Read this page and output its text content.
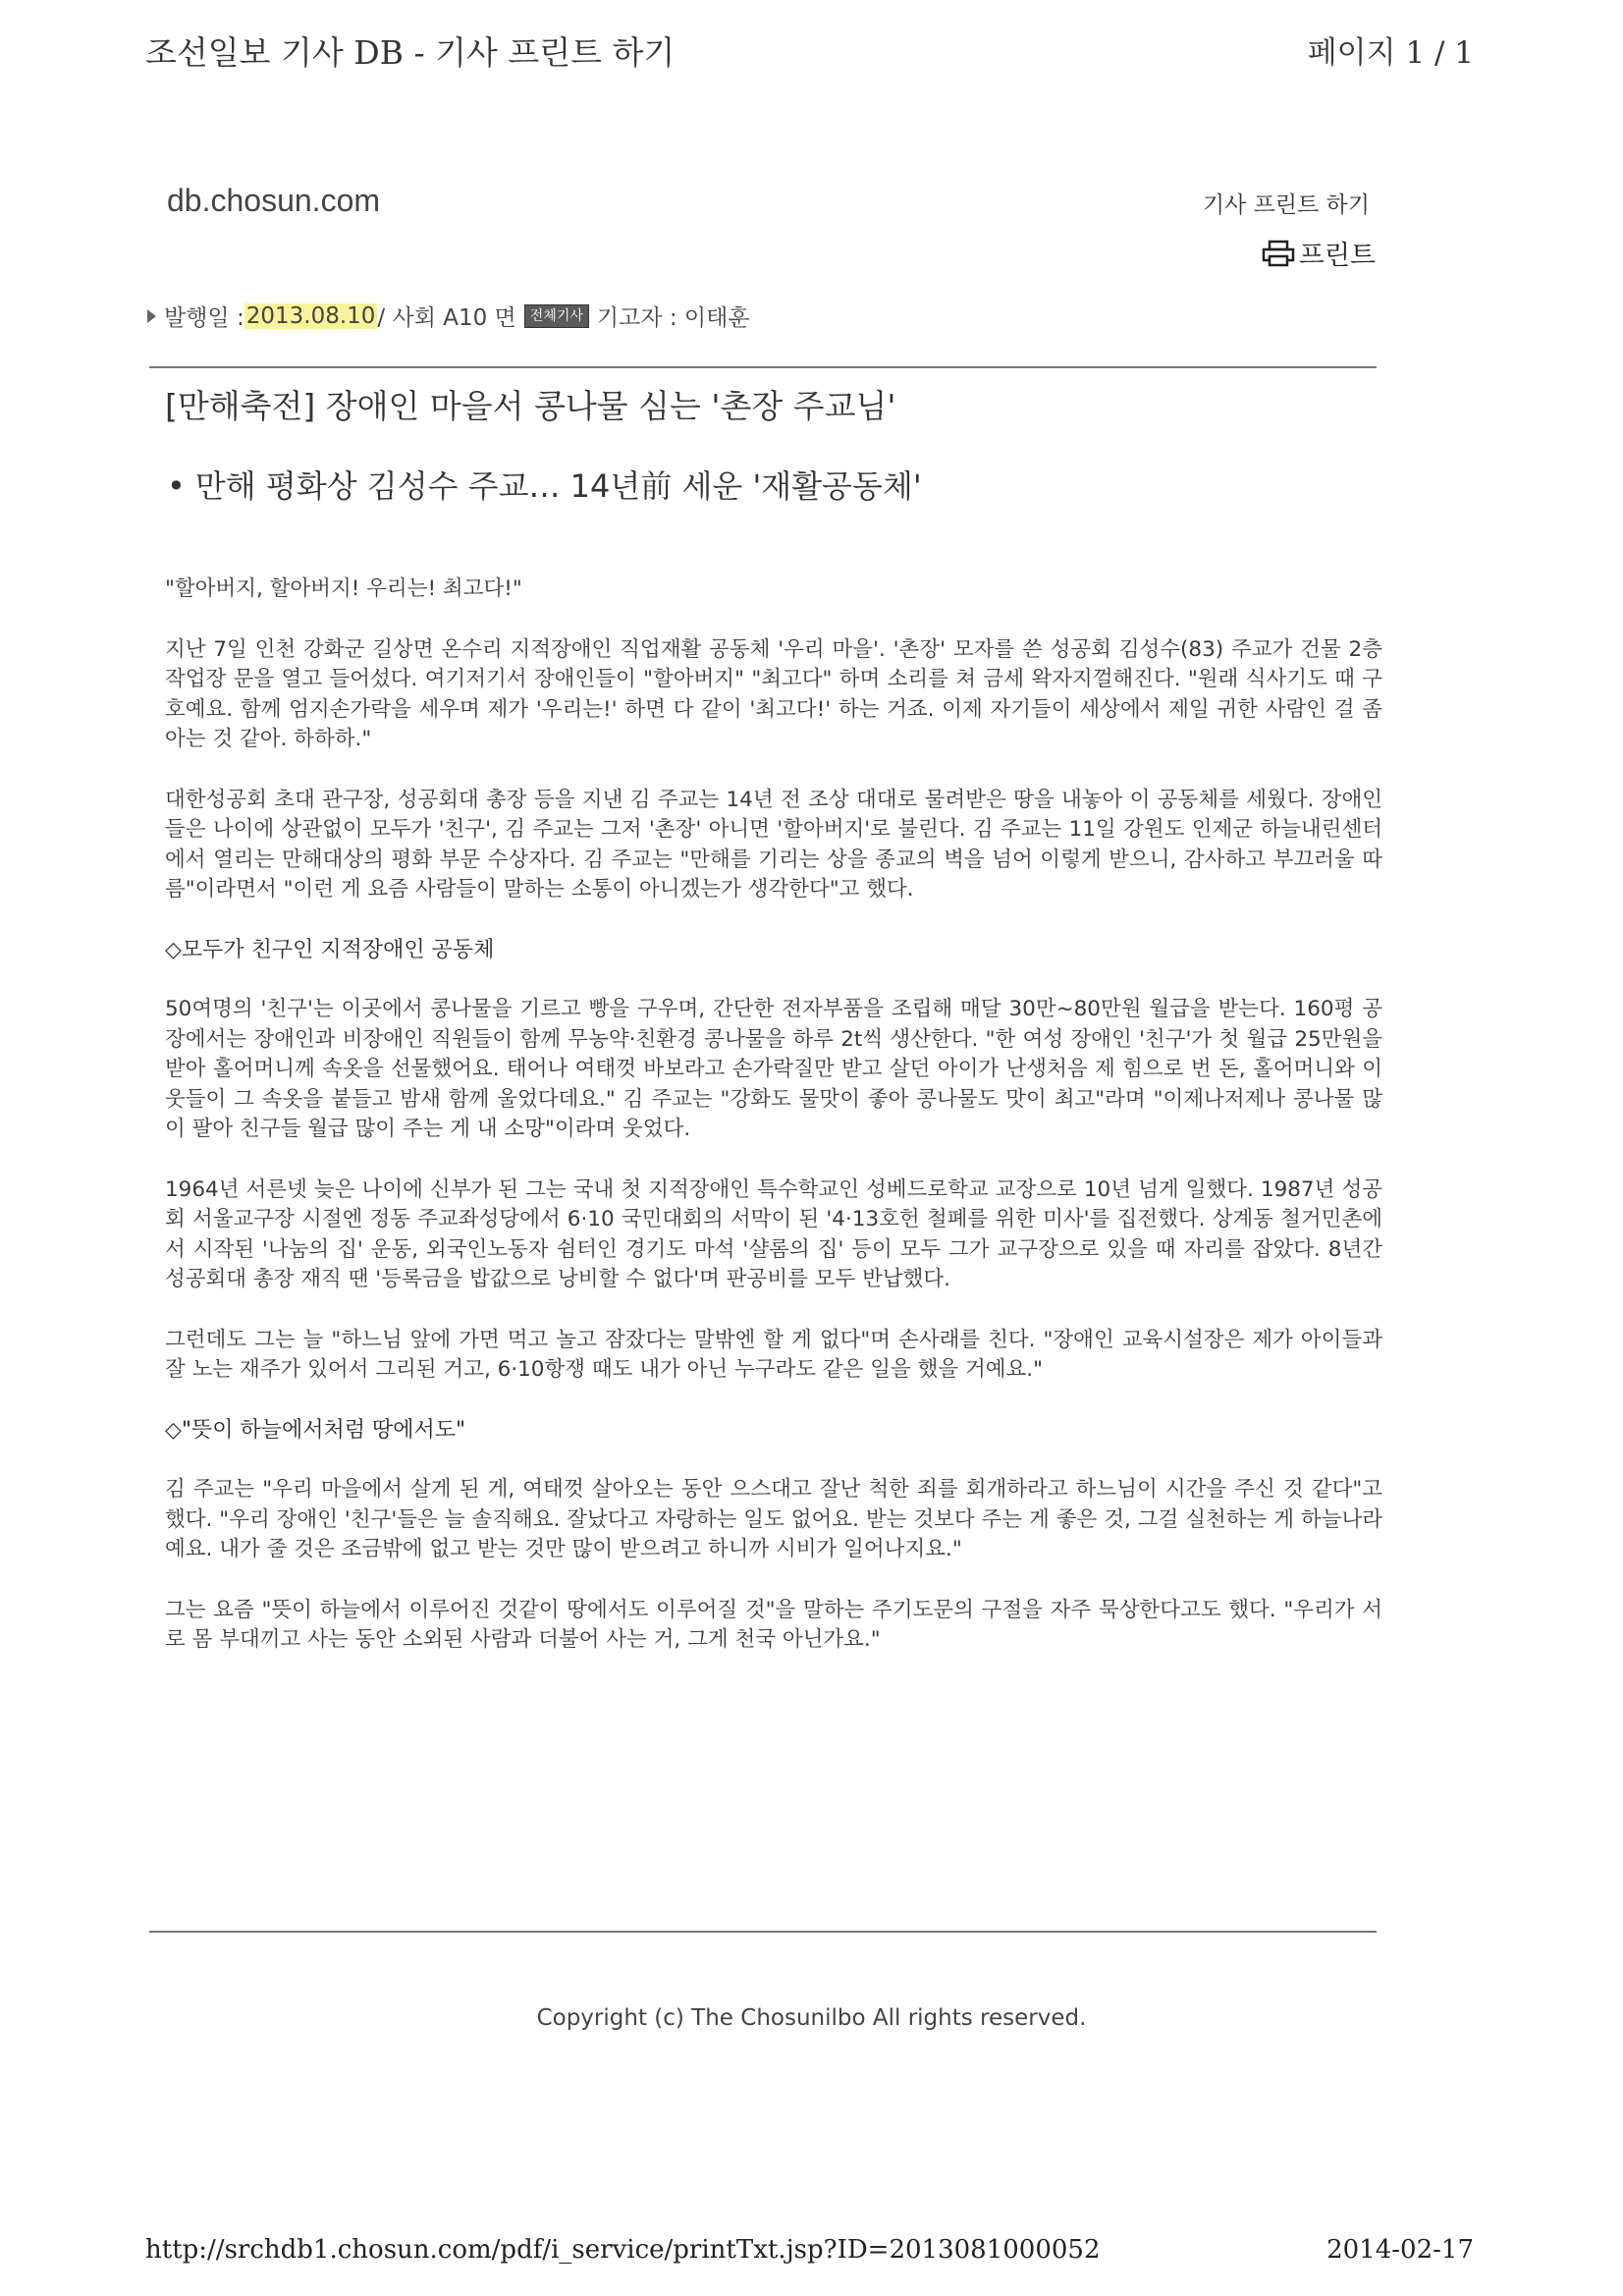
조선일보 기사 DB - 기사 프린트 하기	페이지 1 / 1
db.chosun.com	기사 프린트 하기
프린트
발행일 : 2013.08.10 / 사회 A10 면	전체기사 기고자 : 이태훈
[만해축전] 장애인 마을서 콩나물 심는 '촌장 주교님'
• 만해 평화상 김성수 주교… 14년前 세운 '재활공동체'

"할아버지, 할아버지! 우리는! 최고다!"

지난 7일 인천 강화군 길상면 온수리 지적장애인 직업재활 공동체 '우리 마을'. '촌장' 모자를 쓴 성공회 김성수(83) 주교가 건물 2층 작업장 문을 열고 들어섰다. 여기저기서 장애인들이 "할아버지" "최고다" 하며 소리를 쳐 금세 왁자지껄해진다. "원래 식사기도 때 구호예요. 함께 엄지손가락을 세우며 제가 '우리는!' 하면 다 같이 '최고다!' 하는 거죠. 이제 자기들이 세상에서 제일 귀한 사람인 걸 좀 아는 것 같아. 하하하."

대한성공회 초대 관구장, 성공회대 총장 등을 지낸 김 주교는 14년 전 조상 대대로 물려받은 땅을 내놓아 이 공동체를 세웠다. 장애인들은 나이에 상관없이 모두가 '친구', 김 주교는 그저 '촌장' 아니면 '할아버지'로 불린다. 김 주교는 11일 강원도 인제군 하늘내린센터에서 열리는 만해대상의 평화 부문 수상자다. 김 주교는 "만해를 기리는 상을 종교의 벽을 넘어 이렇게 받으니, 감사하고 부끄러울 따름"이라면서 "이런 게 요즘 사람들이 말하는 소통이 아니겠는가 생각한다"고 했다.

◇모두가 친구인 지적장애인 공동체

50여명의 '친구'는 이곳에서 콩나물을 기르고 빵을 구우며, 간단한 전자부품을 조립해 매달 30만~80만원 월급을 받는다. 160평 공장에서는 장애인과 비장애인 직원들이 함께 무농약·친환경 콩나물을 하루 2t씩 생산한다. "한 여성 장애인 '친구'가 첫 월급 25만원을 받아 홀어머니께 속옷을 선물했어요. 태어나 여태껏 바보라고 손가락질만 받고 살던 아이가 난생처음 제 힘으로 번 돈, 홀어머니와 이웃들이 그 속옷을 붙들고 밤새 함께 울었다데요." 김 주교는 "강화도 물맛이 좋아 콩나물도 맛이 최고"라며 "이제나저제나 콩나물 많이 팔아 친구들 월급 많이 주는 게 내 소망"이라며 웃었다.

1964년 서른넷 늦은 나이에 신부가 된 그는 국내 첫 지적장애인 특수학교인 성베드로학교 교장으로 10년 넘게 일했다. 1987년 성공회 서울교구장 시절엔 정동 주교좌성당에서 6·10 국민대회의 서막이 된 '4·13호헌 철폐를 위한 미사'를 집전했다. 상계동 철거민촌에서 시작된 '나눔의 집' 운동, 외국인노동자 쉼터인 경기도 마석 '샬롬의 집' 등이 모두 그가 교구장으로 있을 때 자리를 잡았다. 8년간 성공회대 총장 재직 땐 '등록금을 밥값으로 낭비할 수 없다'며 판공비를 모두 반납했다.

그런데도 그는 늘 "하느님 앞에 가면 먹고 놀고 잠잤다는 말밖엔 할 게 없다"며 손사래를 친다. "장애인 교육시설장은 제가 아이들과 잘 노는 재주가 있어서 그리된 거고, 6·10항쟁 때도 내가 아닌 누구라도 같은 일을 했을 거예요."

◇"뜻이 하늘에서처럼 땅에서도"

김 주교는 "우리 마을에서 살게 된 게, 여태껏 살아오는 동안 으스대고 잘난 척한 죄를 회개하라고 하느님이 시간을 주신 것 같다"고 했다. "우리 장애인 '친구'들은 늘 솔직해요. 잘났다고 자랑하는 일도 없어요. 받는 것보다 주는 게 좋은 것, 그걸 실천하는 게 하늘나라예요. 내가 줄 것은 조금밖에 없고 받는 것만 많이 받으려고 하니까 시비가 일어나지요."

그는 요즘 "뜻이 하늘에서 이루어진 것같이 땅에서도 이루어질 것"을 말하는 주기도문의 구절을 자주 묵상한다고도 했다. "우리가 서로 몸 부대끼고 사는 동안 소외된 사람과 더불어 사는 거, 그게 천국 아닌가요."

Copyright (c) The Chosunilbo All rights reserved.
http://srchdb1.chosun.com/pdf/i_service/printTxt.jsp?ID=2013081000052	2014-02-17
